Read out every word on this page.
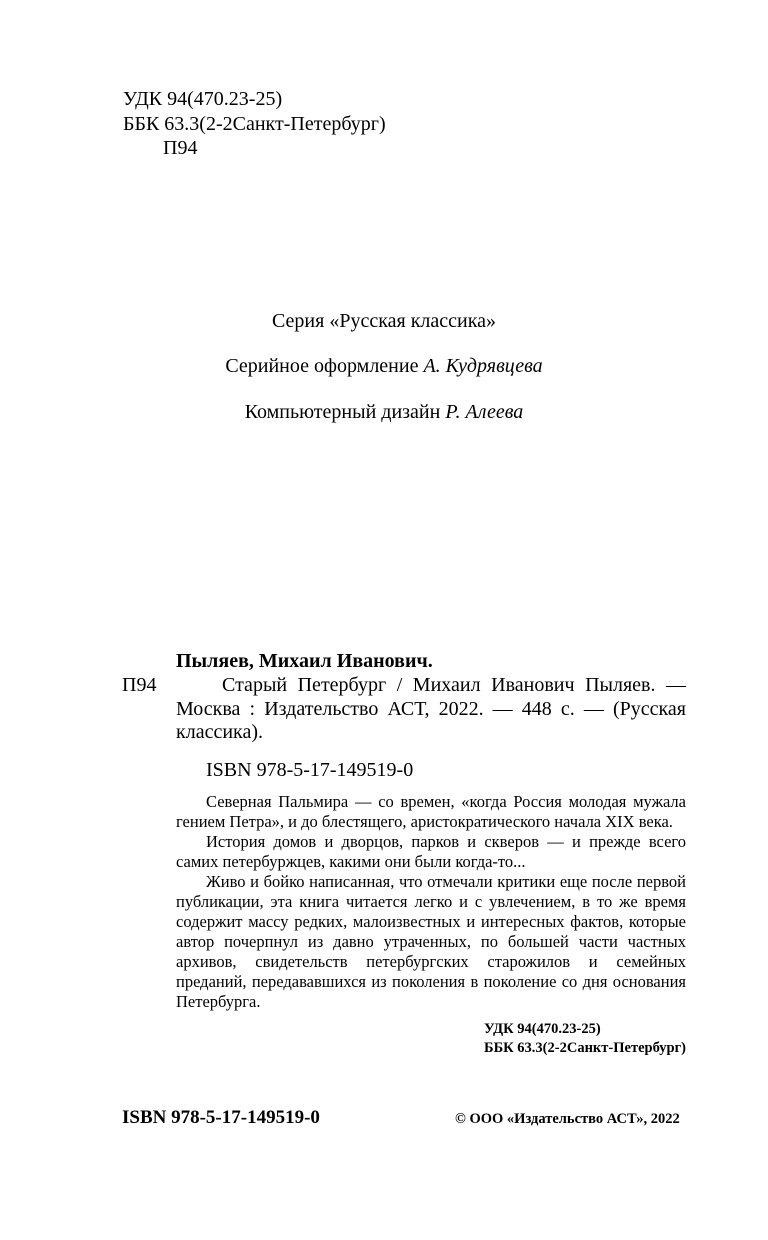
УДК 94(470.23-25)
ББК 63.3(2-2Санкт-Петербург)
П94
Серия «Русская классика»
Серийное оформление А. Кудрявцева
Компьютерный дизайн Р. Алеева
Пыляев, Михаил Иванович.
П94	Старый Петербург / Михаил Иванович Пыляев. — Москва : Издательство АСТ, 2022. — 448 с. — (Русская классика).

ISBN 978-5-17-149519-0

Северная Пальмира — со времен, «когда Россия молодая мужала гением Петра», и до блестящего, аристократического начала XIX века.

История домов и дворцов, парков и скверов — и прежде всего самих петербуржцев, какими они были когда-то...

Живо и бойко написанная, что отмечали критики еще после первой публикации, эта книга читается легко и с увлечением, в то же время содержит массу редких, малоизвестных и интересных фактов, которые автор почерпнул из давно утраченных, по большей части частных архивов, свидетельств петербургских старожилов и семейных преданий, передававшихся из поколения в поколение со дня основания Петербурга.

УДК 94(470.23-25)
ББК 63.3(2-2Санкт-Петербург)
ISBN 978-5-17-149519-0	© ООО «Издательство АСТ», 2022
